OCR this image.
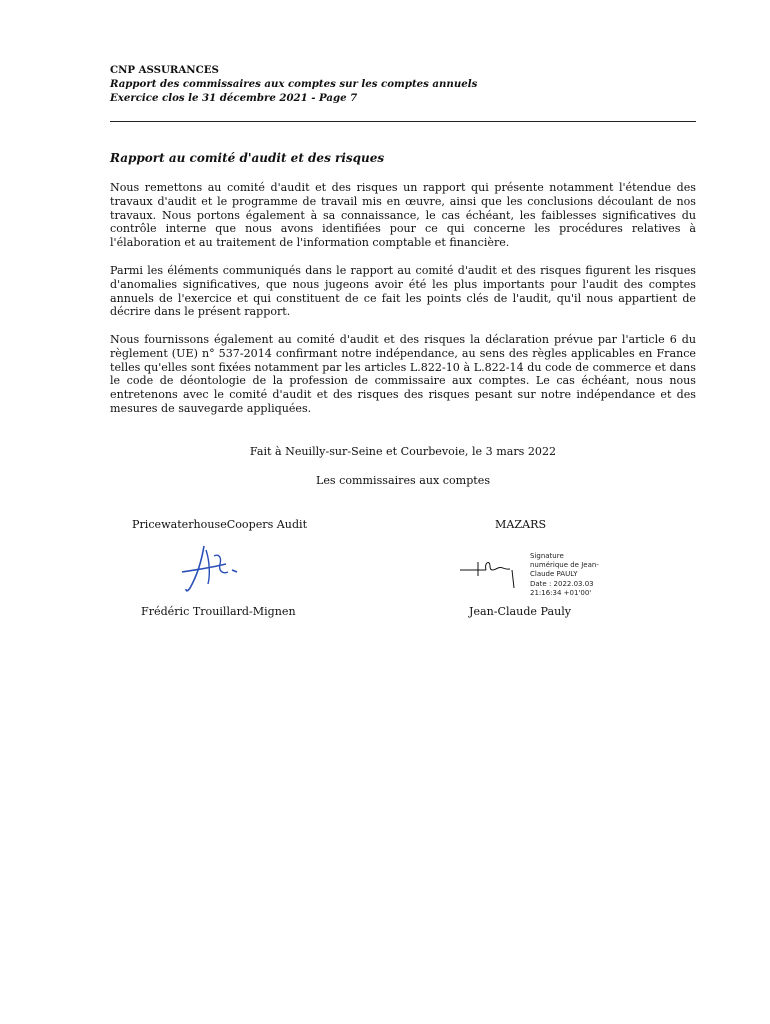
CNP ASSURANCES
Rapport des commissaires aux comptes sur les comptes annuels
Exercice clos le 31 décembre 2021 - Page 7
Rapport au comité d'audit et des risques
Nous remettons au comité d'audit et des risques un rapport qui présente notamment l'étendue des travaux d'audit et le programme de travail mis en œuvre, ainsi que les conclusions découlant de nos travaux. Nous portons également à sa connaissance, le cas échéant, les faiblesses significatives du contrôle interne que nous avons identifiées pour ce qui concerne les procédures relatives à l'élaboration et au traitement de l'information comptable et financière.
Parmi les éléments communiqués dans le rapport au comité d'audit et des risques figurent les risques d'anomalies significatives, que nous jugeons avoir été les plus importants pour l'audit des comptes annuels de l'exercice et qui constituent de ce fait les points clés de l'audit, qu'il nous appartient de décrire dans le présent rapport.
Nous fournissons également au comité d'audit et des risques la déclaration prévue par l'article 6 du règlement (UE) n° 537-2014 confirmant notre indépendance, au sens des règles applicables en France telles qu'elles sont fixées notamment par les articles L.822-10 à L.822-14 du code de commerce et dans le code de déontologie de la profession de commissaire aux comptes. Le cas échéant, nous nous entretenons avec le comité d'audit et des risques des risques pesant sur notre indépendance et des mesures de sauvegarde appliquées.
Fait à Neuilly-sur-Seine et Courbevoie, le 3 mars 2022
Les commissaires aux comptes
PricewaterhouseCoopers Audit	MAZARS
Signature
numérique de Jean-
Claude PAULY
Date : 2022.03.03
21:16:34 +01'00'
Frédéric Trouillard-Mignen	Jean-Claude Pauly
